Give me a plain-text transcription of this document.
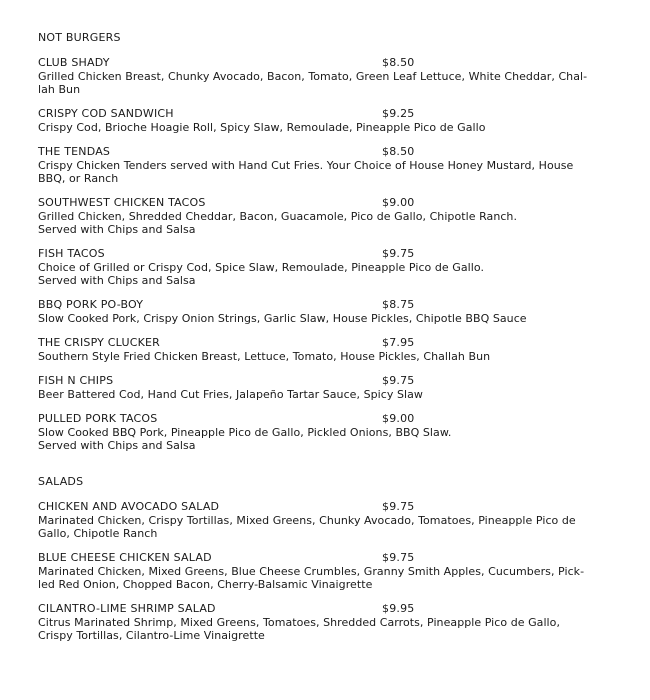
NOT BURGERS
CLUB SHADY	$8.50
Grilled Chicken Breast, Chunky Avocado, Bacon, Tomato, Green Leaf Lettuce, White Cheddar, Chal-
lah Bun
CRISPY COD SANDWICH	$9.25
Crispy Cod, Brioche Hoagie Roll, Spicy Slaw, Remoulade, Pineapple Pico de Gallo
THE TENDAS	$8.50
Crispy Chicken Tenders served with Hand Cut Fries. Your Choice of House Honey Mustard, House
BBQ, or Ranch
SOUTHWEST CHICKEN TACOS	$9.00
Grilled Chicken, Shredded Cheddar, Bacon, Guacamole, Pico de Gallo, Chipotle Ranch.
Served with Chips and Salsa
FISH TACOS	$9.75
Choice of Grilled or Crispy Cod, Spice Slaw, Remoulade, Pineapple Pico de Gallo.
Served with Chips and Salsa
BBQ PORK PO-BOY	$8.75
Slow Cooked Pork, Crispy Onion Strings, Garlic Slaw, House Pickles, Chipotle BBQ Sauce
THE CRISPY CLUCKER	$7.95
Southern Style Fried Chicken Breast, Lettuce, Tomato, House Pickles, Challah Bun
FISH N CHIPS	$9.75
Beer Battered Cod, Hand Cut Fries, Jalapeño Tartar Sauce, Spicy Slaw
PULLED PORK TACOS	$9.00
Slow Cooked BBQ Pork, Pineapple Pico de Gallo, Pickled Onions, BBQ Slaw.
Served with Chips and Salsa
SALADS
CHICKEN AND AVOCADO SALAD	$9.75
Marinated Chicken, Crispy Tortillas, Mixed Greens, Chunky Avocado, Tomatoes, Pineapple Pico de
Gallo, Chipotle Ranch
BLUE CHEESE CHICKEN SALAD	$9.75
Marinated Chicken, Mixed Greens, Blue Cheese Crumbles, Granny Smith Apples, Cucumbers, Pick-
led Red Onion, Chopped Bacon, Cherry-Balsamic Vinaigrette
CILANTRO-LIME SHRIMP SALAD	$9.95
Citrus Marinated Shrimp, Mixed Greens, Tomatoes, Shredded Carrots, Pineapple Pico de Gallo,
Crispy Tortillas, Cilantro-Lime Vinaigrette
